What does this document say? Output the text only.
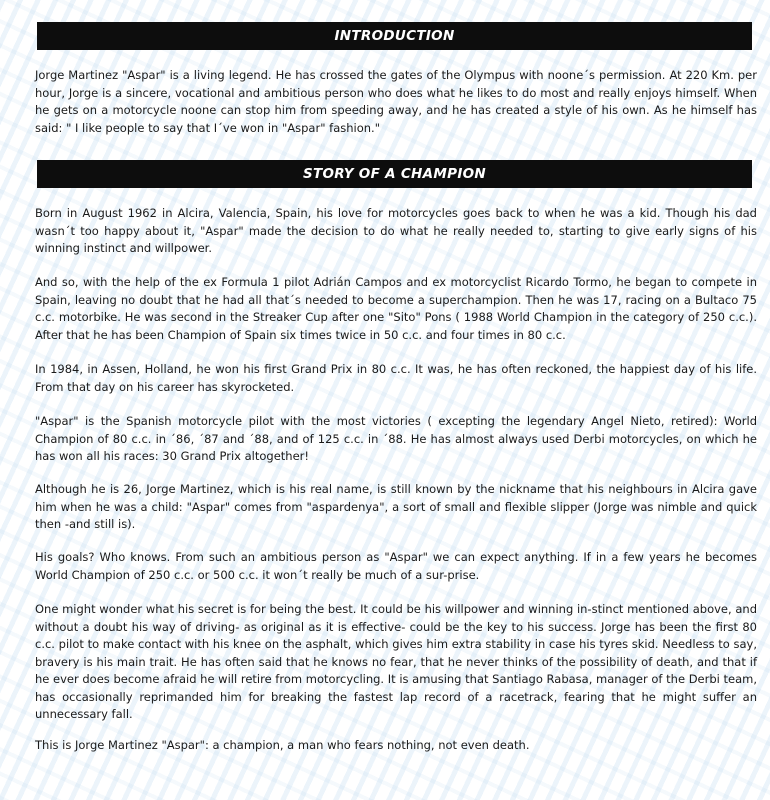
INTRODUCTION

Jorge Martinez "Aspar" is a living legend. He has crossed the gates of the Olympus with noone´s permission. At 220 Km. per hour, Jorge is a sincere, vocational and ambitious person who does what he likes to do most and really enjoys himself. When he gets on a motorcycle noone can stop him from speeding away, and he has created a style of his own. As he himself has said: " I like people to say that I´ve won in "Aspar" fashion."

STORY OF A CHAMPION

Born in August 1962 in Alcira, Valencia, Spain, his love for motorcycles goes back to when he was a kid. Though his dad wasn´t too happy about it, "Aspar" made the decision to do what he really needed to, starting to give early signs of his winning instinct and willpower.

And so, with the help of the ex Formula 1 pilot Adrián Campos and ex motorcyclist Ricardo Tormo, he began to compete in Spain, leaving no doubt that he had all that´s needed to become a superchampion. Then he was 17, racing on a Bultaco 75 c.c. motorbike. He was second in the Streaker Cup after one "Sito" Pons ( 1988 World Champion in the category of 250 c.c.). After that he has been Champion of Spain six times twice in 50 c.c. and four times in 80 c.c.

In 1984, in Assen, Holland, he won his first Grand Prix in 80 c.c. It was, he has often reckoned, the happiest day of his life. From that day on his career has skyrocketed.

"Aspar" is the Spanish motorcycle pilot with the most victories ( excepting the legendary Angel Nieto, retired): World Champion of 80 c.c. in ´86, ´87 and ´88, and of 125 c.c. in ´88. He has almost always used Derbi motorcycles, on which he has won all his races: 30 Grand Prix altogether!

Although he is 26, Jorge Martinez, which is his real name, is still known by the nickname that his neighbours in Alcira gave him when he was a child: "Aspar" comes from "aspardenya", a sort of small and flexible slipper (Jorge was nimble and quick then -and still is).

His goals? Who knows. From such an ambitious person as "Aspar" we can expect anything. If in a few years he becomes World Champion of 250 c.c. or 500 c.c. it won´t really be much of a sur-prise.

One might wonder what his secret is for being the best. It could be his willpower and winning in-stinct mentioned above, and without a doubt his way of driving- as original as it is effective- could be the key to his success. Jorge has been the first 80 c.c. pilot to make contact with his knee on the asphalt, which gives him extra stability in case his tyres skid. Needless to say, bravery is his main trait. He has often said that he knows no fear, that he never thinks of the possibility of death, and that if he ever does become afraid he will retire from motorcycling. It is amusing that Santiago Rabasa, manager of the Derbi team, has occasionally reprimanded him for breaking the fastest lap record of a racetrack, fearing that he might suffer an unnecessary fall.

This is Jorge Martinez "Aspar": a champion, a man who fears nothing, not even death.
